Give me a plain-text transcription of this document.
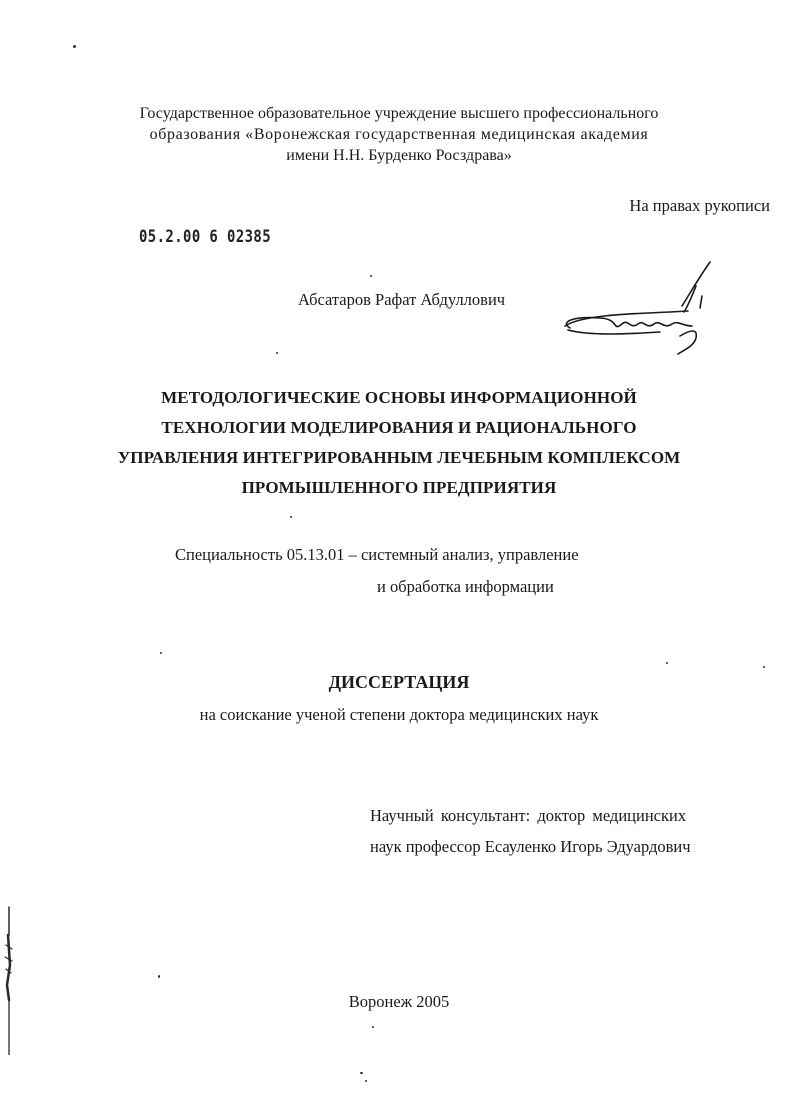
Государственное образовательное учреждение высшего профессионального
образования «Воронежская государственная медицинская академия
имени Н.Н. Бурденко Росздрава»
На правах рукописи
05.2.00 6 02385
Абсатаров Рафат Абдуллович
МЕТОДОЛОГИЧЕСКИЕ ОСНОВЫ ИНФОРМАЦИОННОЙ
ТЕХНОЛОГИИ МОДЕЛИРОВАНИЯ И РАЦИОНАЛЬНОГО
УПРАВЛЕНИЯ ИНТЕГРИРОВАННЫМ ЛЕЧЕБНЫМ КОМПЛЕКСОМ
ПРОМЫШЛЕННОГО ПРЕДПРИЯТИЯ
Специальность 05.13.01 – системный анализ, управление
и обработка информации
ДИССЕРТАЦИЯ
на соискание ученой степени доктора медицинских наук
Научный консультант: доктор медицинских
наук профессор Есауленко Игорь Эдуардович
Воронеж 2005
